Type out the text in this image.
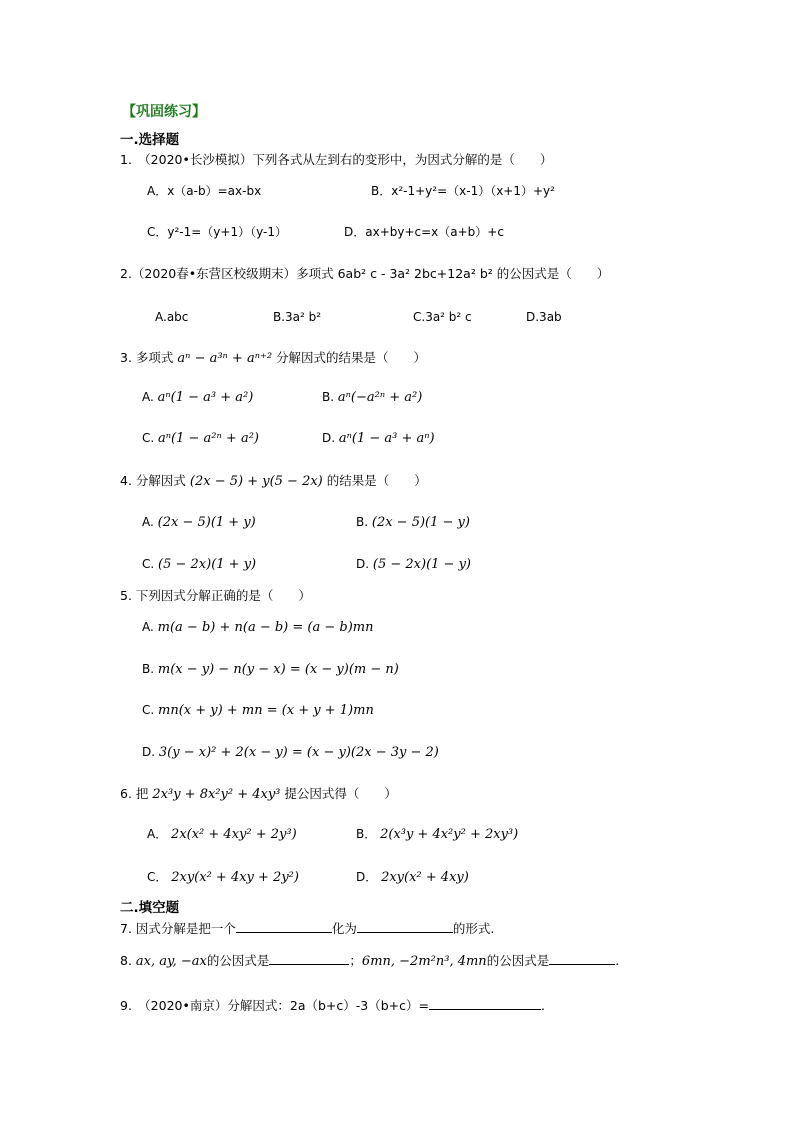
【巩固练习】
一.选择题
1.　（2020•长沙模拟）下列各式从左到右的变形中，为因式分解的是（　　）
A．x（a-b）=ax-bx	B．x²-1+y²=（x-1）（x+1）+y²
C．y²-1=（y+1）（y-1）	D．ax+by+c=x（a+b）+c
2.（2020春•东营区校级期末）多项式 6ab² c - 3a² 2bc+12a² b² 的公因式是（　　）
A.abc	B.3a² b²	C.3a² b² c	D.3ab
3. 多项式 aⁿ − a³ⁿ + aⁿ⁺² 分解因式的结果是（　　）
A. aⁿ(1 − a³ + a²)	B. aⁿ(−a²ⁿ + a²)
C. aⁿ(1 − a²ⁿ + a²)	D. aⁿ(1 − a³ + aⁿ)
4. 分解因式 (2x − 5) + y(5 − 2x) 的结果是（　　）
A. (2x − 5)(1 + y)	B. (2x − 5)(1 − y)
C. (5 − 2x)(1 + y)	D. (5 − 2x)(1 − y)
5. 下列因式分解正确的是（　　）
A. m(a − b) + n(a − b) = (a − b)mn
B. m(x − y) − n(y − x) = (x − y)(m − n)
C. mn(x + y) + mn = (x + y + 1)mn
D. 3(y − x)² + 2(x − y) = (x − y)(2x − 3y − 2)
6. 把 2x³y + 8x²y² + 4xy³ 提公因式得（　　）
A． 2x(x² + 4xy² + 2y³)	B． 2(x³y + 4x²y² + 2xy³)
C． 2xy(x² + 4xy + 2y²)	D． 2xy(x² + 4xy)
二.填空题
7. 因式分解是把一个	化为	的形式.
8. ax, ay, −ax的公因式是	；6mn, −2m²n³, 4mn的公因式是	.
9.　（2020•南京）分解因式：2a（b+c）-3（b+c）=	.
